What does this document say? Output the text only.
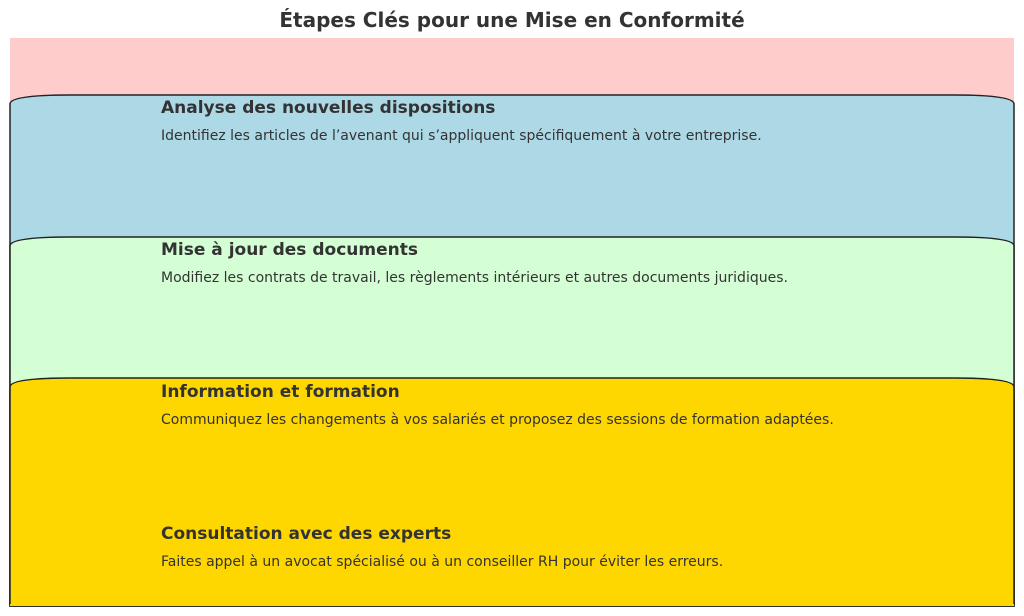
Étapes Clés pour une Mise en Conformité
Analyse des nouvelles dispositions
Identifiez les articles de l’avenant qui s’appliquent spécifiquement à votre entreprise.
Mise à jour des documents
Modifiez les contrats de travail, les règlements intérieurs et autres documents juridiques.
Information et formation
Communiquez les changements à vos salariés et proposez des sessions de formation adaptées.
Consultation avec des experts
Faites appel à un avocat spécialisé ou à un conseiller RH pour éviter les erreurs.
